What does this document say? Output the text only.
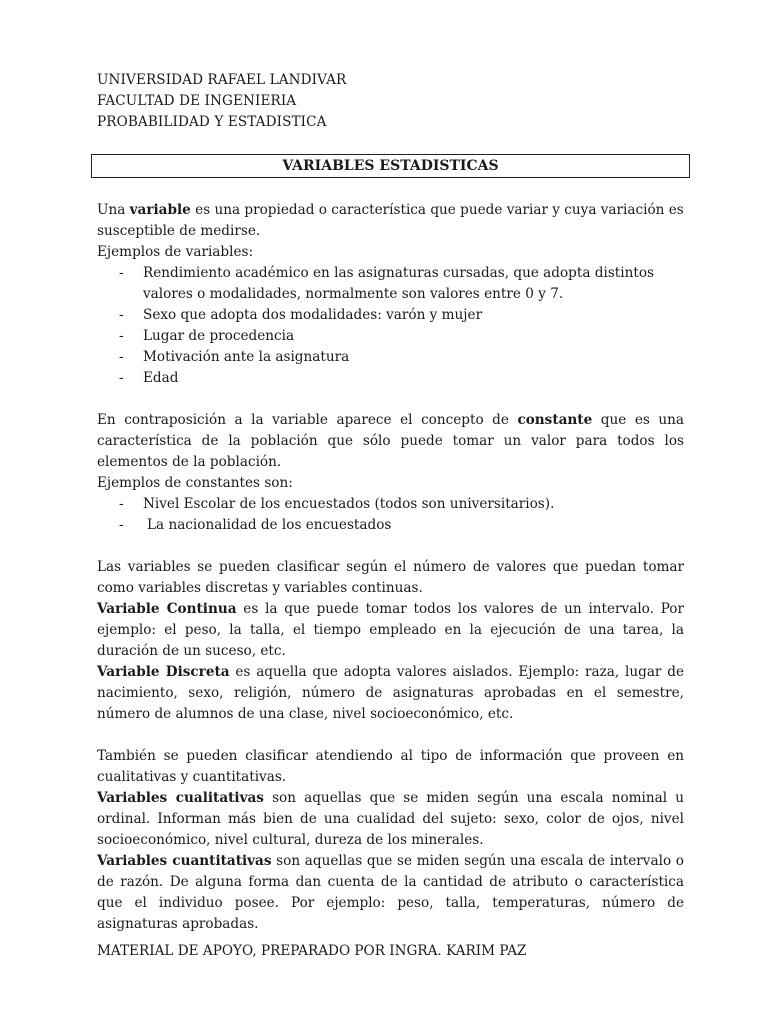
UNIVERSIDAD RAFAEL LANDIVAR
FACULTAD DE INGENIERIA
PROBABILIDAD Y ESTADISTICA
VARIABLES ESTADISTICAS

Una variable es una propiedad o característica que puede variar y cuya variación es susceptible de medirse.

Ejemplos de variables:

- Rendimiento académico en las asignaturas cursadas, que adopta distintos valores o modalidades, normalmente son valores entre 0 y 7.
- Sexo que adopta dos modalidades: varón y mujer
- Lugar de procedencia
- Motivación ante la asignatura
- Edad

En contraposición a la variable aparece el concepto de constante que es una característica de la población que sólo puede tomar un valor para todos los elementos de la población.

Ejemplos de constantes son:

- Nivel Escolar de los encuestados (todos son universitarios).
- La nacionalidad de los encuestados

Las variables se pueden clasificar según el número de valores que puedan tomar como variables discretas y variables continuas.

Variable Continua es la que puede tomar todos los valores de un intervalo. Por ejemplo: el peso, la talla, el tiempo empleado en la ejecución de una tarea, la duración de un suceso, etc.

Variable Discreta es aquella que adopta valores aislados. Ejemplo: raza, lugar de nacimiento, sexo, religión, número de asignaturas aprobadas en el semestre, número de alumnos de una clase, nivel socioeconómico, etc.

También se pueden clasificar atendiendo al tipo de información que proveen en cualitativas y cuantitativas.

Variables cualitativas son aquellas que se miden según una escala nominal u ordinal. Informan más bien de una cualidad del sujeto: sexo, color de ojos, nivel socioeconómico, nivel cultural, dureza de los minerales.

Variables cuantitativas son aquellas que se miden según una escala de intervalo o de razón. De alguna forma dan cuenta de la cantidad de atributo o característica que el individuo posee. Por ejemplo: peso, talla, temperaturas, número de asignaturas aprobadas.

MATERIAL DE APOYO, PREPARADO POR INGRA. KARIM PAZ
